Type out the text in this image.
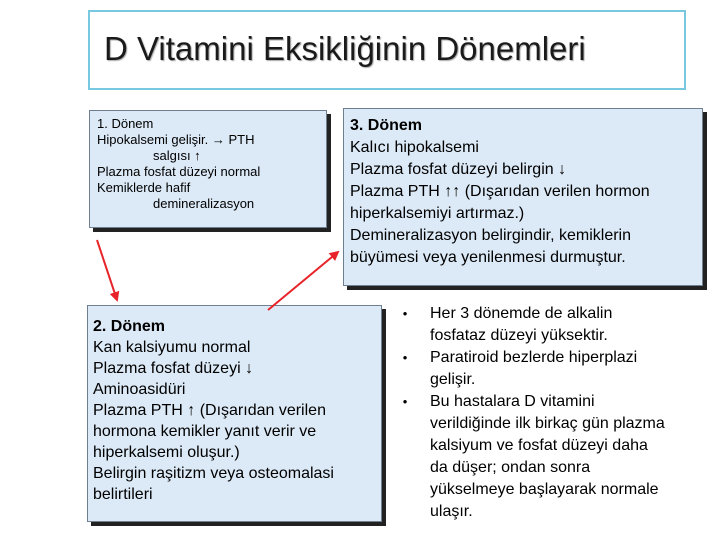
D Vitamini Eksikliğinin Dönemleri
1. Dönem
Hipokalsemi gelişir. → PTH
salgısı ↑
Plazma fosfat düzeyi normal
Kemiklerde hafif
demineralizasyon
3. Dönem
Kalıcı hipokalsemi
Plazma fosfat düzeyi belirgin ↓
Plazma PTH ↑↑ (Dışarıdan verilen hormon
hiperkalsemiyi artırmaz.)
Demineralizasyon belirgindir, kemiklerin
büyümesi veya yenilenmesi durmuştur.
2. Dönem
Kan kalsiyumu normal
Plazma fosfat düzeyi ↓
Aminoasidüri
Plazma PTH ↑ (Dışarıdan verilen
hormona kemikler yanıt verir ve
hiperkalsemi oluşur.)
Belirgin raşitizm veya osteomalasi
belirtileri
• Her 3 dönemde de alkalin
fosfataz düzeyi yüksektir.
• Paratiroid bezlerde hiperplazi
gelişir.
• Bu hastalara D vitamini
verildiğinde ilk birkaç gün plazma
kalsiyum ve fosfat düzeyi daha
da düşer; ondan sonra
yükselmeye başlayarak normale
ulaşır.
